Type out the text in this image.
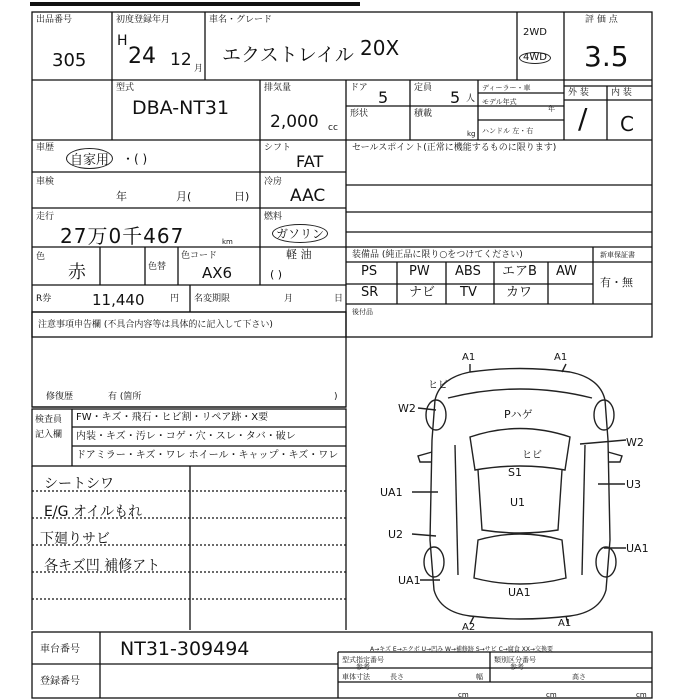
出品番号
305
初度登録年月
H
24 12 月
車名・グレード
エクストレイル 20X
2WD
4WD
評 価 点
3.5
外 装 内 装
/ C
型式
DBA-NT31
排気量
2,000 cc
ドア 5	定員 5 人
ディーラー・車
モデル年式
年
形状	積載
kg ハンドル 左・右
車歴
自家用	・( )
シフト
FAT
セールスポイント(正常に機能するものに限ります)
車検
年	月(	日)
冷房
AAC
走行
27万0千467	km
燃料
ガソリン
軽 油
( )
色
赤	色替
色コード
AX6
R券	11,440	円 名変期限	月	日
装備品 (純正品に限り○をつけてください)	新車保証書
有・無
PS PW ABS エアB AW
SR ナビ TV カワ
後付品
注意事項申告欄 (不具合内容等は具体的に記入して下さい)
修復歴	有 (箇所	)
検査員
記入欄
FW・キズ・飛石・ヒビ割・リペア跡・X要
内装・キズ・汚レ・コゲ・穴・スレ・タバ・破レ
ドアミラー・キズ・ワレ ホイール・キャップ・キズ・ワレ
シートシワ
E/G オイルもれ
下廻りサビ
各キズ凹 補修アト
A1	A1
ヒビ
W2	Pハゲ
ヒビ
W2
S1
U3
UA1
U1
U2
UA1
UA1
UA1
A2	A1
A→キズ E→エクボ U→凹み W→補修跡 S→サビ C→腐食 XX→交換要
車台番号 NT31-309494
登録番号
型式指定番号	類別区分番号
参考	参考
車体寸法	長さ	幅	高さ
cm	cm	cm
